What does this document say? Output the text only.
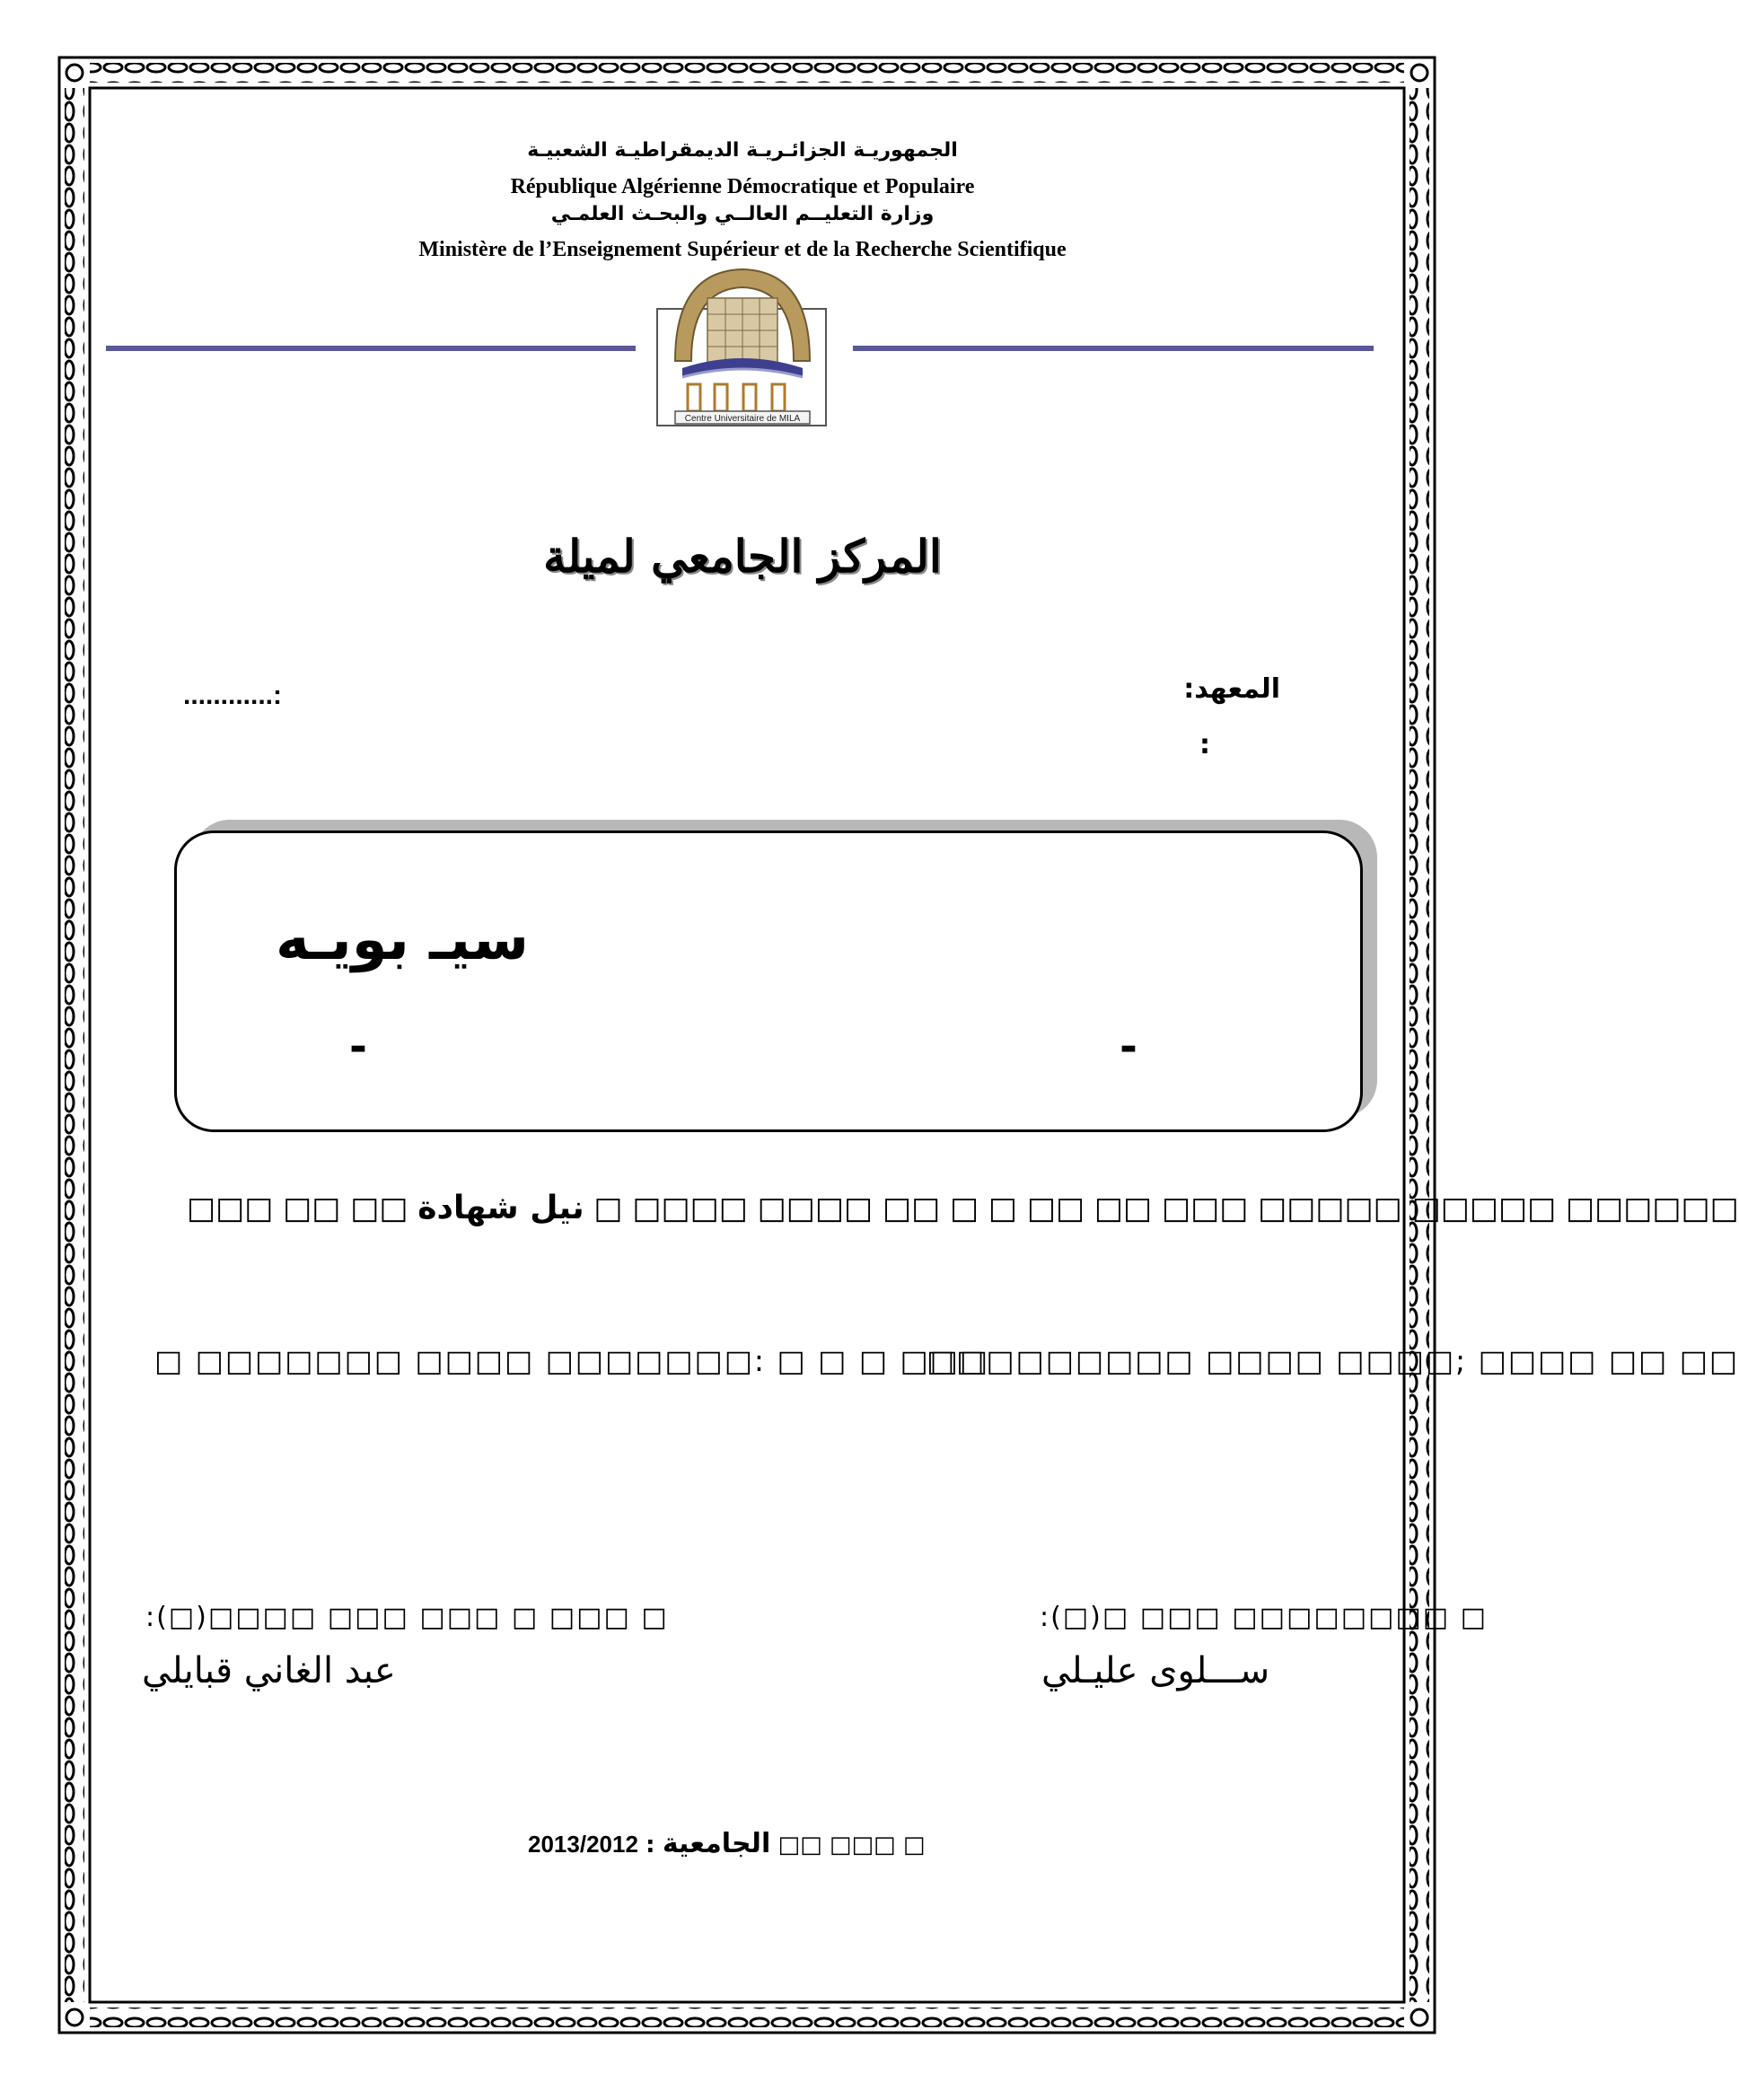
الجمهوريـة الجزائـريـة الديمقراطيـة الشعبيـة
République Algérienne Démocratique et Populaire
وزارة التعليــم العالــي والبحـث العلمـي
Ministère de l’Enseignement Supérieur et de la Recherche Scientifique
Centre Universitaire de MILA
المركز الجامعي لميلة
المعهد:
:
............:
سيـ بويـه
-	-
□□□ □□ □□ نيل شهادة □ □□□□ □□□□ □□ □ □ □□ □□ □□□ □□□□□ □□□□□ □□□□□□
□ □□□□□□□ □□□□ □□□□□□□: □ □ □ □□□
□□□□□□□□□ □□□□ □□□□; □□□□ □□ □□
:(□)□□□□ □□□ □□□ □ □□□ □
عبد الغاني قبايلي
:(□)□ □□□ □□□□□□□□ □
ســـلوى عليـلي
2013/2012 : الجامعية □□ □□□ □
